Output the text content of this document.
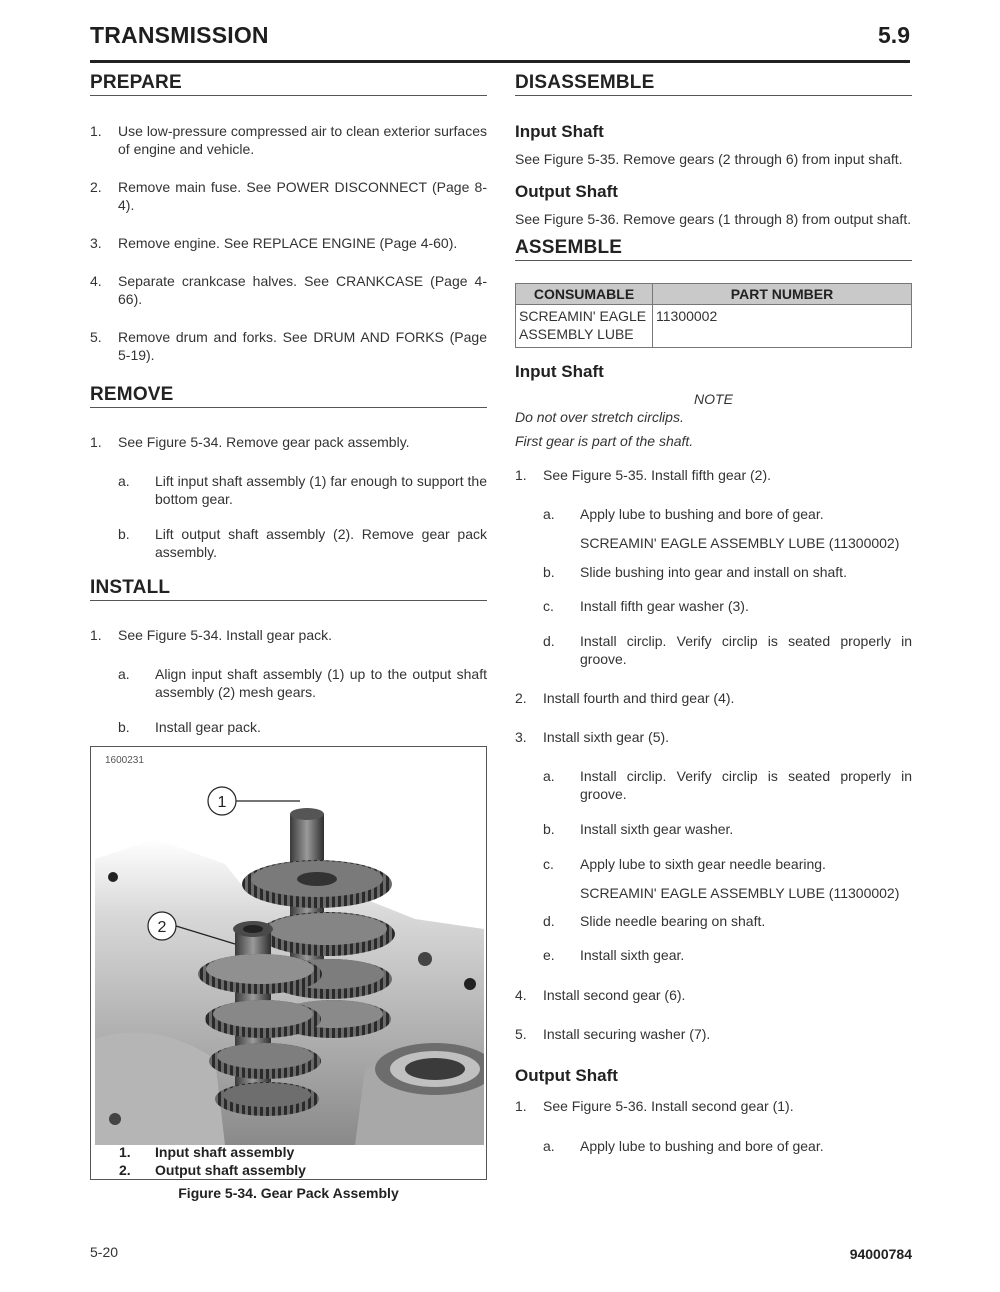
TRANSMISSION	5.9
PREPARE
1. Use low-pressure compressed air to clean exterior surfaces of engine and vehicle.
2. Remove main fuse. See POWER DISCONNECT (Page 8-4).
3. Remove engine. See REPLACE ENGINE (Page 4-60).
4. Separate crankcase halves. See CRANKCASE (Page 4-66).
5. Remove drum and forks. See DRUM AND FORKS (Page 5-19).
REMOVE
1. See Figure 5-34. Remove gear pack assembly.
a. Lift input shaft assembly (1) far enough to support the bottom gear.
b. Lift output shaft assembly (2). Remove gear pack assembly.
INSTALL
1. See Figure 5-34. Install gear pack.
a. Align input shaft assembly (1) up to the output shaft assembly (2) mesh gears.
b. Install gear pack.
1600231
1
2
1. Input shaft assembly
2. Output shaft assembly
Figure 5-34. Gear Pack Assembly
DISASSEMBLE
Input Shaft
See Figure 5-35. Remove gears (2 through 6) from input shaft.
Output Shaft
See Figure 5-36. Remove gears (1 through 8) from output shaft.
ASSEMBLE
CONSUMABLE	PART NUMBER
SCREAMIN' EAGLE ASSEMBLY LUBE	11300002
Input Shaft
NOTE
Do not over stretch circlips.
First gear is part of the shaft.
1. See Figure 5-35. Install fifth gear (2).
a. Apply lube to bushing and bore of gear.
SCREAMIN' EAGLE ASSEMBLY LUBE (11300002)
b. Slide bushing into gear and install on shaft.
c. Install fifth gear washer (3).
d. Install circlip. Verify circlip is seated properly in groove.
2. Install fourth and third gear (4).
3. Install sixth gear (5).
a. Install circlip. Verify circlip is seated properly in groove.
b. Install sixth gear washer.
c. Apply lube to sixth gear needle bearing.
SCREAMIN' EAGLE ASSEMBLY LUBE (11300002)
d. Slide needle bearing on shaft.
e. Install sixth gear.
4. Install second gear (6).
5. Install securing washer (7).
Output Shaft
1. See Figure 5-36. Install second gear (1).
a. Apply lube to bushing and bore of gear.
5-20	94000784
